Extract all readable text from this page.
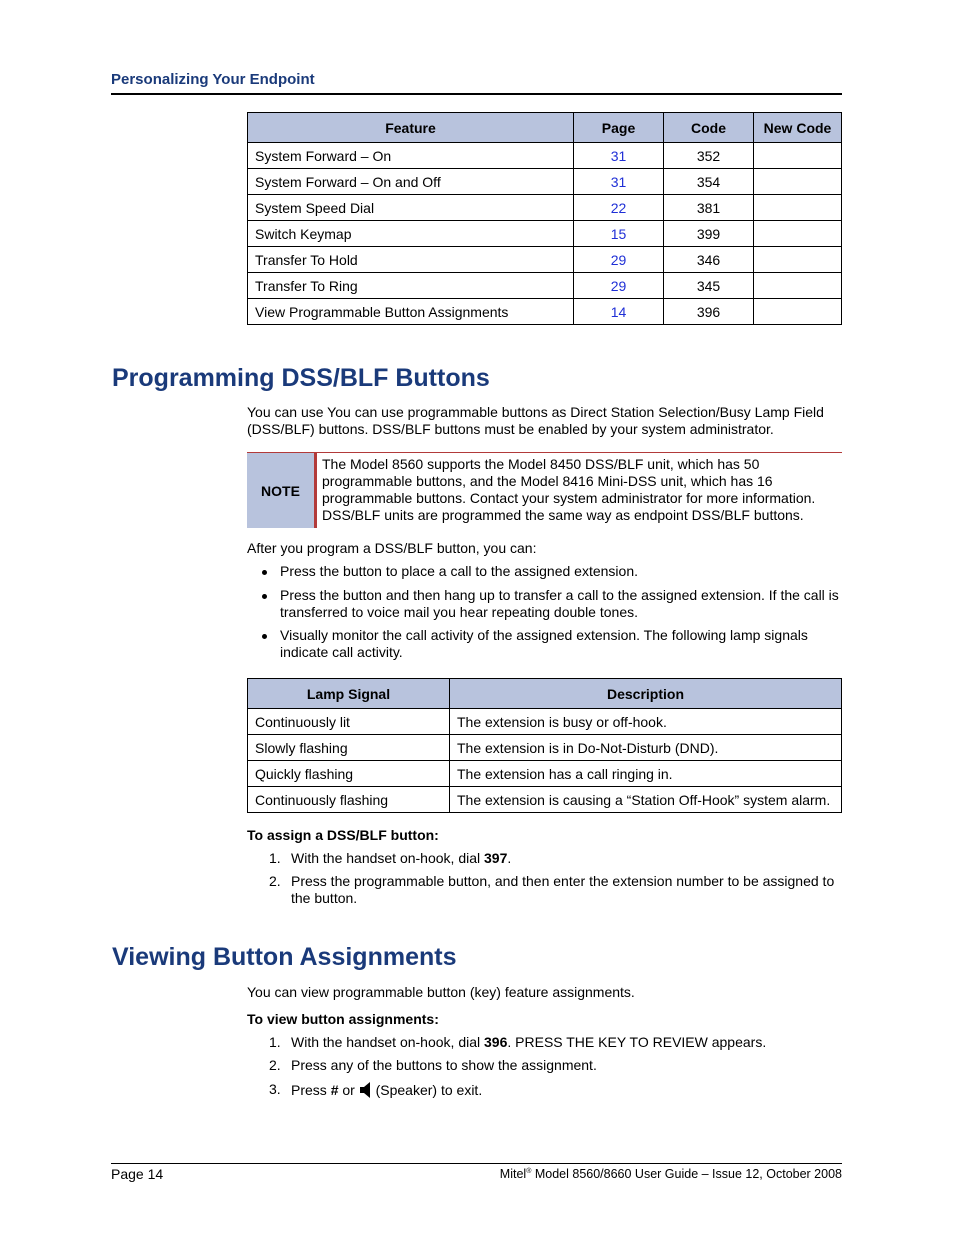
Personalizing Your Endpoint
Feature	Page	Code	New Code
System Forward – On	31	352	
System Forward – On and Off	31	354	
System Speed Dial	22	381	
Switch Keymap	15	399	
Transfer To Hold	29	346	
Transfer To Ring	29	345	
View Programmable Button Assignments	14	396	
Programming DSS/BLF Buttons

You can use You can use programmable buttons as Direct Station Selection/Busy Lamp Field

(DSS/BLF) buttons. DSS/BLF buttons must be enabled by your system administrator.

NOTE
The Model 8560 supports the Model 8450 DSS/BLF unit, which has 50
programmable buttons, and the Model 8416 Mini-DSS unit, which has 16
programmable buttons. Contact your system administrator for more information.
DSS/BLF units are programmed the same way as endpoint DSS/BLF buttons.

After you program a DSS/BLF button, you can:

Press the button to place a call to the assigned extension.
Press the button and then hang up to transfer a call to the assigned extension. If the call is
transferred to voice mail you hear repeating double tones.
Visually monitor the call activity of the assigned extension. The following lamp signals
indicate call activity.
Lamp Signal	Description
Continuously lit	The extension is busy or off-hook.
Slowly flashing	The extension is in Do-Not-Disturb (DND).
Quickly flashing	The extension has a call ringing in.
Continuously flashing	The extension is causing a “Station Off-Hook” system alarm.

To assign a DSS/BLF button:

1. With the handset on-hook, dial 397.

2. Press the programmable button, and then enter the extension number to be assigned to
the button.
Viewing Button Assignments

You can view programmable button (key) feature assignments.

To view button assignments:

1. With the handset on-hook, dial 396. PRESS THE KEY TO REVIEW appears.

2. Press any of the buttons to show the assignment.

3. Press # or  (Speaker) to exit.

Page 14	Mitel® Model 8560/8660 User Guide – Issue 12, October 2008
